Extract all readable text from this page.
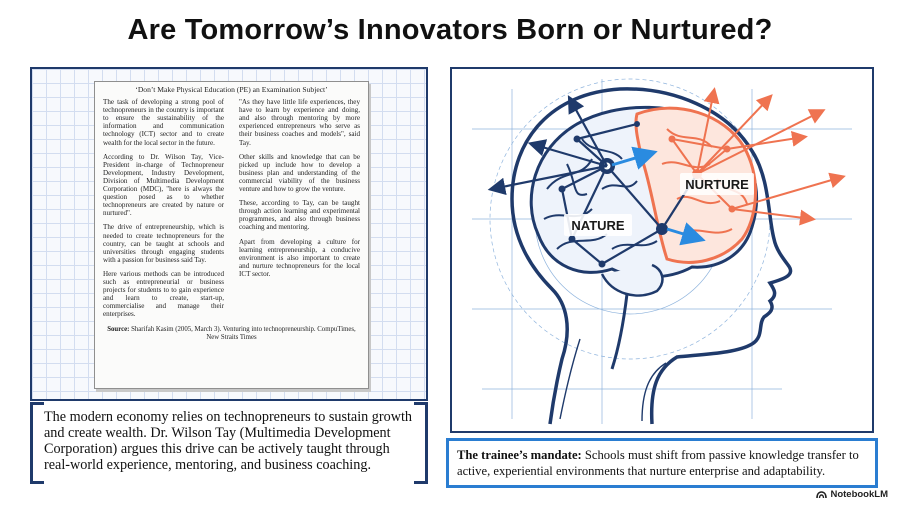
Are Tomorrow’s Innovators Born or Nurtured?
‘Don’t Make Physical Education (PE) an Examination Subject’

The task of developing a strong pool of technopreneurs in the country is important to ensure the sustainability of the information and communication technology (ICT) sector and to create wealth for the local sector in the future.

According to Dr. Wilson Tay, Vice-President in-charge of Technopreneur Development, Industry Development, Division of Multimedia Development Corporation (MDC), "here is always the question posed as to whether technopreneurs are created by nature or nurtured".

The drive of entrepreneurship, which is needed to create technopreneurs for the country, can be taught at schools and universities through engaging students with a passion for business said Tay.

Here various methods can be introduced such as entrepreneurial or business projects for students to to gain experience and learn to create, start-up, commercialise and manage their enterprises.

"As they have little life experiences, they have to learn by experience and doing, and also through mentoring by more experienced entrepreneurs who serve as their business coaches and models", said Tay.

Other skills and knowledge that can be picked up include how to develop a business plan and understanding of the commercial viability of the business venture and how to grow the venture.

These, according to Tay, can be taught through action learning and experimental programmes, and also through business coaching and mentoring.

Apart from developing a culture for learning entrepreneurship, a conducive environment is also important to create and nurture technopreneurs for the local ICT sector.

Source: Sharifah Kasim (2005, March 3). Venturing into technopreneurship. CompuTimes, New Straits Times
The modern economy relies on technopreneurs to sustain growth and create wealth. Dr. Wilson Tay (Multimedia Development Corporation) argues this drive can be actively taught through real-world experience, mentoring, and business coaching.
NATURE
NURTURE
The trainee’s mandate: Schools must shift from passive knowledge transfer to active, experiential environments that nurture enterprise and adaptability.
NotebookLM
